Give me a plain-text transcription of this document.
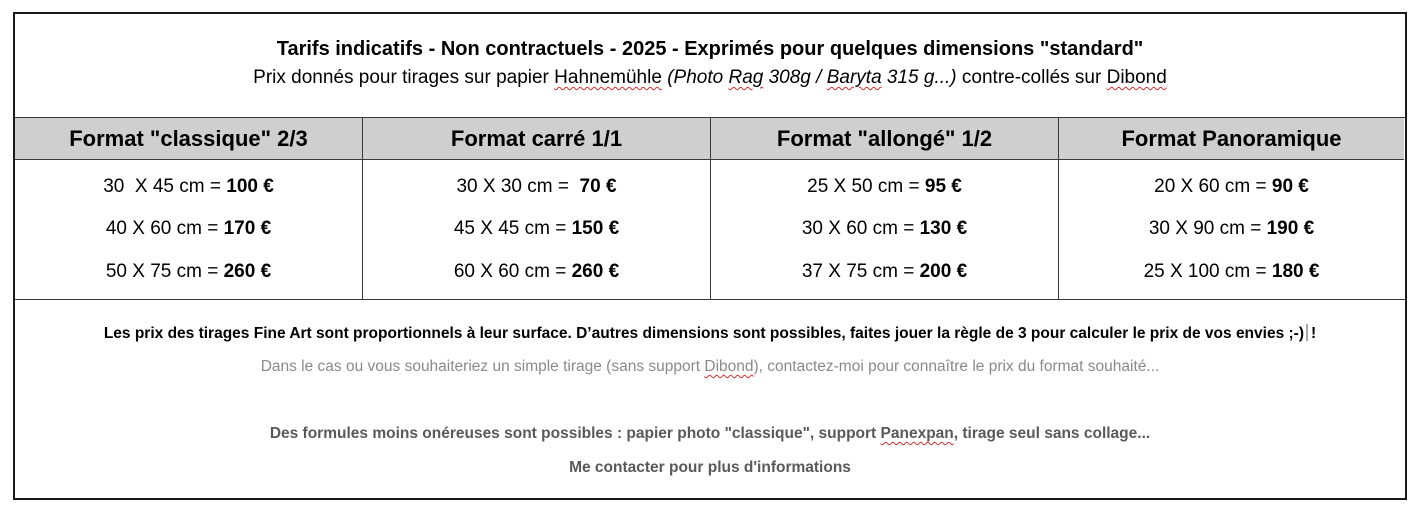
Tarifs indicatifs - Non contractuels - 2025 - Exprimés pour quelques dimensions "standard"
Prix donnés pour tirages sur papier Hahnemühle (Photo Rag 308g / Baryta 315 g...) contre-collés sur Dibond
Format "classique" 2/3
30  X 45 cm = 100 €
40 X 60 cm = 170 €
50 X 75 cm = 260 €
Format carré 1/1
30 X 30 cm =  70 €
45 X 45 cm = 150 €
60 X 60 cm = 260 €
Format "allongé" 1/2
25 X 50 cm = 95 €
30 X 60 cm = 130 €
37 X 75 cm = 200 €
Format Panoramique
20 X 60 cm = 90 €
30 X 90 cm = 190 €
25 X 100 cm = 180 €
Les prix des tirages Fine Art sont proportionnels à leur surface. D’autres dimensions sont possibles, faites jouer la règle de 3 pour calculer le prix de vos envies ;-) !
Dans le cas ou vous souhaiteriez un simple tirage (sans support Dibond), contactez-moi pour connaître le prix du format souhaité...
Des formules moins onéreuses sont possibles : papier photo "classique", support Panexpan, tirage seul sans collage...
Me contacter pour plus d'informations
